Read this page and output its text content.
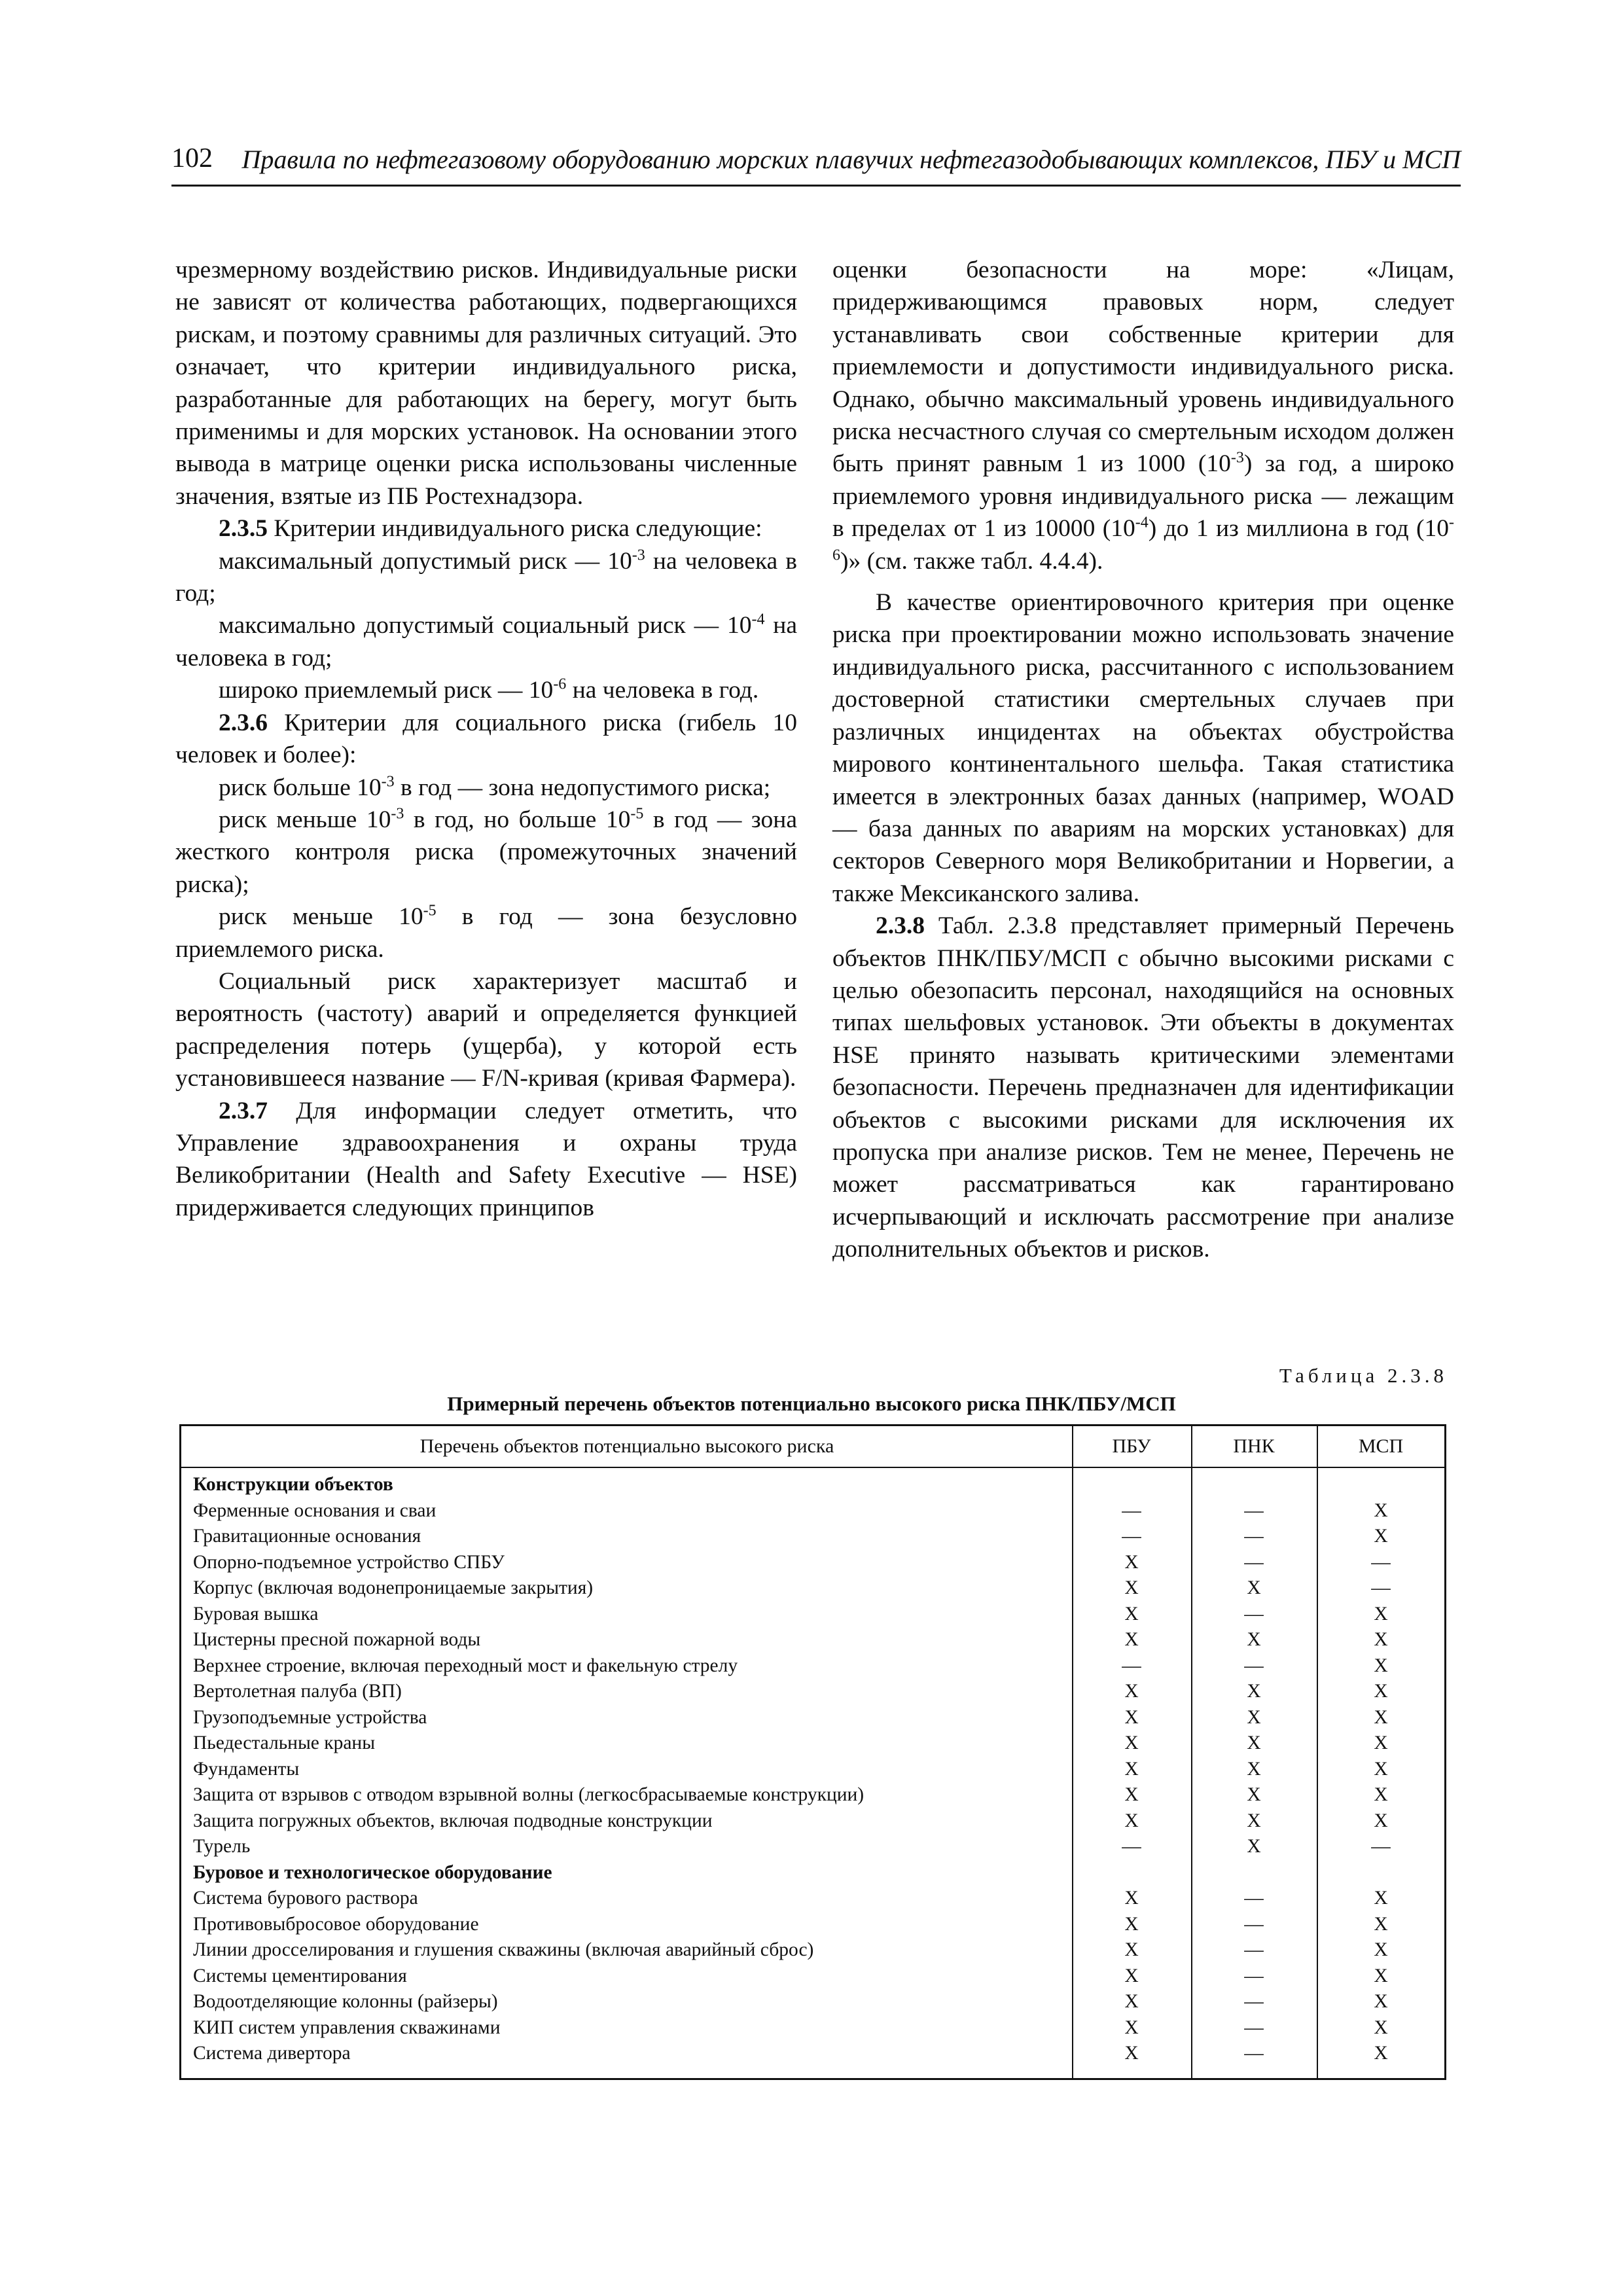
102 Правила по нефтегазовому оборудованию морских плавучих нефтегазодобывающих комплексов, ПБУ и МСП

чрезмерному воздействию рисков. Индивидуальные риски не зависят от количества работающих, подвергающихся рискам, и поэтому сравнимы для различных ситуаций. Это означает, что критерии индивидуального риска, разработанные для работающих на берегу, могут быть применимы и для морских установок. На основании этого вывода в матрице оценки риска использованы численные значения, взятые из ПБ Ростехнадзора.

2.3.5 Критерии индивидуального риска следующие:

максимальный допустимый риск — $10^{-3}$ на человека в год;

максимально допустимый социальный риск — $10^{-4}$ на человека в год;

широко приемлемый риск — $10^{-6}$ на человека в год.

2.3.6 Критерии для социального риска (гибель 10 человек и более):

риск больше $10^{-3}$ в год — зона недопустимого риска;

риск меньше $10^{-3}$ в год, но больше $10^{-5}$ в год — зона жесткого контроля риска (промежуточных значений риска);

риск меньше $10^{-5}$ в год — зона безусловно приемлемого риска.

Социальный риск характеризует масштаб и вероятность (частоту) аварий и определяется функцией распределения потерь (ущерба), у которой есть установившееся название — F/N-кривая (кривая Фармера).

2.3.7 Для информации следует отметить, что Управление здравоохранения и охраны труда Великобритании (Health and Safety Executive — HSE) придерживается следующих принципов

оценки безопасности на море: «Лицам, придерживающимся правовых норм, следует устанавливать свои собственные критерии для приемлемости и допустимости индивидуального риска. Однако, обычно максимальный уровень индивидуального риска несчастного случая со смертельным исходом должен быть принят равным 1 из 1000 $(10^{-3})$ за год, а широко приемлемого уровня индивидуального риска — лежащим в пределах от 1 из 10000 $(10^{-4})$ до 1 из миллиона в год $(10^{-6})$» (см. также табл. 4.4.4).

В качестве ориентировочного критерия при оценке риска при проектировании можно использовать значение индивидуального риска, рассчитанного с использованием достоверной статистики смертельных случаев при различных инцидентах на объектах обустройства мирового континентального шельфа. Такая статистика имеется в электронных базах данных (например, WOAD — база данных по авариям на морских установках) для секторов Северного моря Великобритании и Норвегии, а также Мексиканского залива.

2.3.8 Табл. 2.3.8 представляет примерный Перечень объектов ПНК/ПБУ/МСП с обычно высокими рисками с целью обезопасить персонал, находящийся на основных типах шельфовых установок. Эти объекты в документах HSE принято называть критическими элементами безопасности. Перечень предназначен для идентификации объектов с высокими рисками для исключения их пропуска при анализе рисков. Тем не менее, Перечень не может рассматриваться как гарантировано исчерпывающий и исключать рассмотрение при анализе дополнительных объектов и рисков.

Таблица 2.3.8
Примерный перечень объектов потенциально высокого риска ПНК/ПБУ/МСП
Перечень объектов потенциально высокого риска	ПБУ	ПНК	МСП
Конструкции объектов
Ферменные основания и сваи	—	—	X
Гравитационные основания	—	—	X
Опорно-подъемное устройство СПБУ	X	—	—
Корпус (включая водонепроницаемые закрытия)	X	X	—
Буровая вышка	X	—	X
Цистерны пресной пожарной воды	X	X	X
Верхнее строение, включая переходный мост и факельную стрелу	—	—	X
Вертолетная палуба (ВП)	X	X	X
Грузоподъемные устройства	X	X	X
Пьедестальные краны	X	X	X
Фундаменты	X	X	X
Защита от взрывов с отводом взрывной волны (легкосбрасываемые конструкции)	X	X	X
Защита погружных объектов, включая подводные конструкции	X	X	X
Турель	—	X	—
Буровое и технологическое оборудование
Система бурового раствора	X	—	X
Противовыбросовое оборудование	X	—	X
Линии дросселирования и глушения скважины (включая аварийный сброс)	X	—	X
Системы цементирования	X	—	X
Водоотделяющие колонны (райзеры)	X	—	X
КИП систем управления скважинами	X	—	X
Система дивертора	X	—	X
